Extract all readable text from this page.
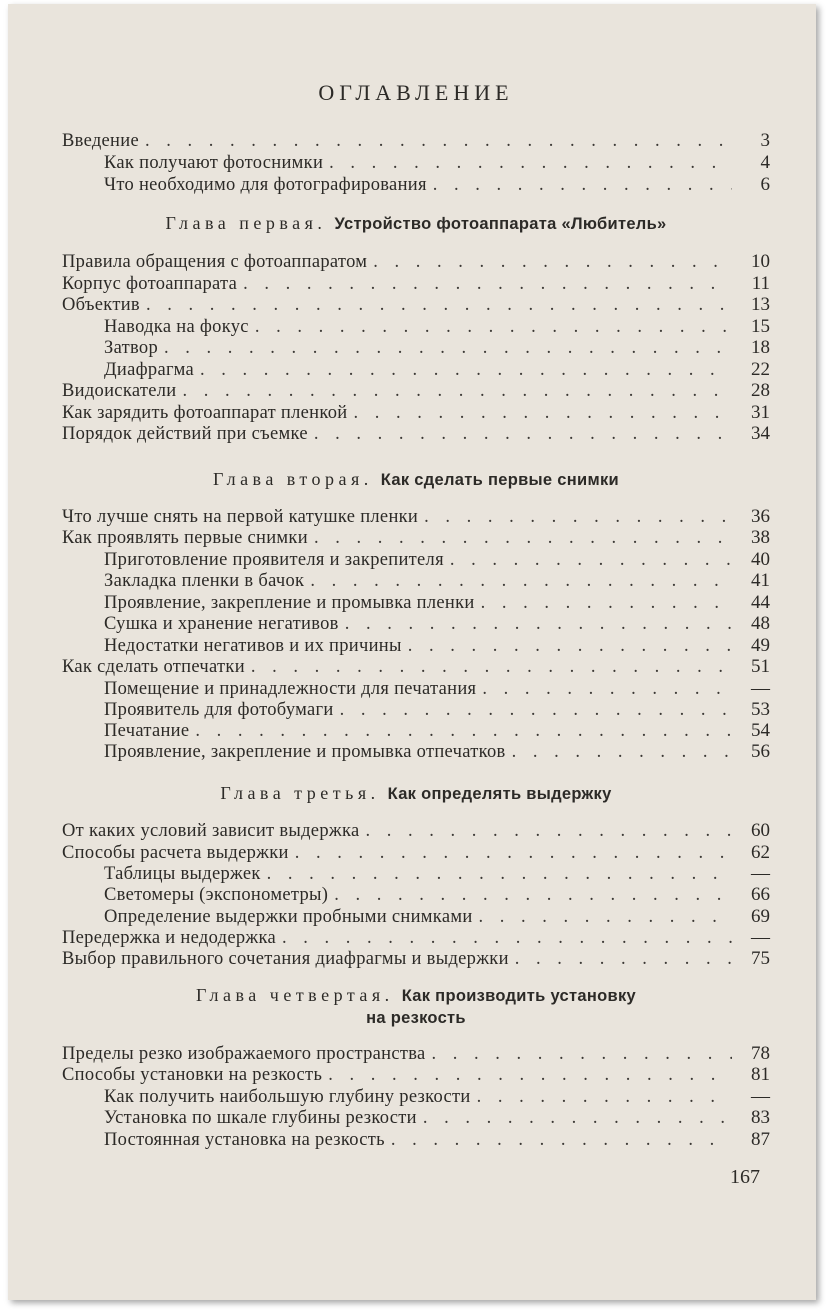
ОГЛАВЛЕНИЕ
Введение . . .	3
Как получают фотоснимки . . .	4
Что необходимо для фотографирования . . .	6
Глава первая. Устройство фотоаппарата «Любитель»
Правила обращения с фотоаппаратом . . .	10
Корпус фотоаппарата . . .	11
Объектив . . .	13
Наводка на фокус . . .	15
Затвор . . .	18
Диафрагма . . .	22
Видоискатели . . .	28
Как зарядить фотоаппарат пленкой . . .	31
Порядок действий при съемке . . .	34
Глава вторая. Как сделать первые снимки
Что лучше снять на первой катушке пленки . . .	36
Как проявлять первые снимки . . .	38
Приготовление проявителя и закрепителя . . .	40
Закладка пленки в бачок . . .	41
Проявление, закрепление и промывка пленки . . .	44
Сушка и хранение негативов . . .	48
Недостатки негативов и их причины . . .	49
Как сделать отпечатки . . .	51
Помещение и принадлежности для печатания . . .	—
Проявитель для фотобумаги . . .	53
Печатание . . .	54
Проявление, закрепление и промывка отпечатков . . .	56
Глава третья. Как определять выдержку
От каких условий зависит выдержка . . .	60
Способы расчета выдержки . . .	62
Таблицы выдержек . . .	—
Светомеры (экспонометры) . . .	66
Определение выдержки пробными снимками . . .	69
Передержка и недодержка . . .	—
Выбор правильного сочетания диафрагмы и выдержки . . .	75
Глава четвертая. Как производить установку
на резкость
Пределы резко изображаемого пространства . . .	78
Способы установки на резкость . . .	81
Как получить наибольшую глубину резкости . . .	—
Установка по шкале глубины резкости . . .	83
Постоянная установка на резкость . . .	87
167
